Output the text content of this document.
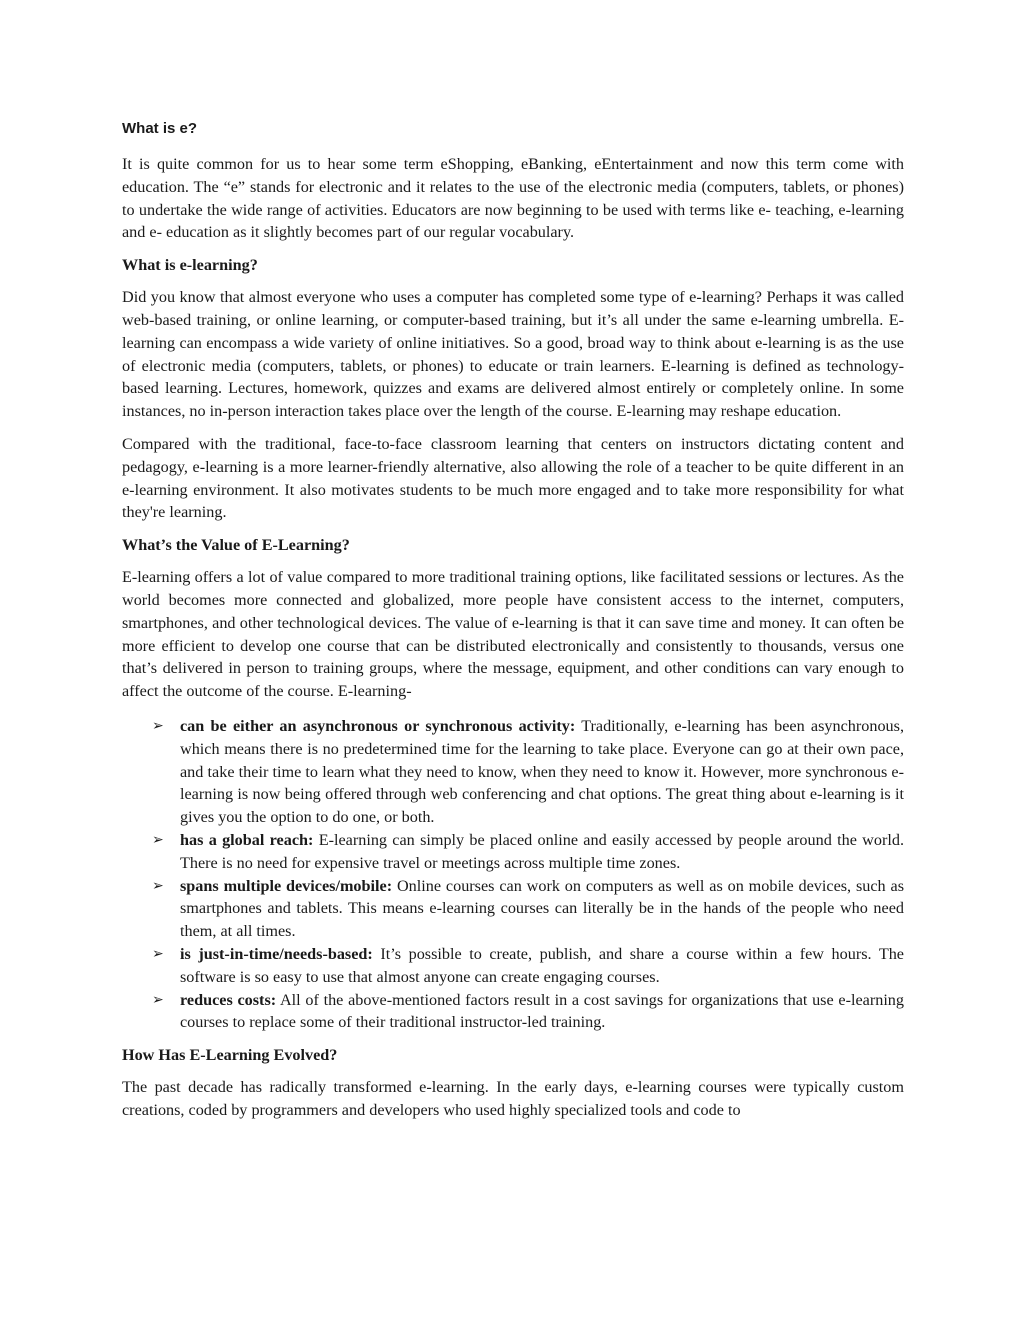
What is e?

It is quite common for us to hear some term eShopping, eBanking, eEntertainment and now this term come with education. The “e” stands for electronic and it relates to the use of the electronic media (computers, tablets, or phones) to undertake the wide range of activities. Educators are now beginning to be used with terms like e- teaching, e-learning and e- education as it slightly becomes part of our regular vocabulary.

What is e-learning?

Did you know that almost everyone who uses a computer has completed some type of e-learning? Perhaps it was called web-based training, or online learning, or computer-based training, but it’s all under the same e-learning umbrella. E-learning can encompass a wide variety of online initiatives. So a good, broad way to think about e-learning is as the use of electronic media (computers, tablets, or phones) to educate or train learners. E-learning is defined as technology-based learning. Lectures, homework, quizzes and exams are delivered almost entirely or completely online. In some instances, no in-person interaction takes place over the length of the course. E-learning may reshape education.

Compared with the traditional, face-to-face classroom learning that centers on instructors dictating content and pedagogy, e-learning is a more learner-friendly alternative, also allowing the role of a teacher to be quite different in an e-learning environment. It also motivates students to be much more engaged and to take more responsibility for what they're learning.

What’s the Value of E-Learning?

E-learning offers a lot of value compared to more traditional training options, like facilitated sessions or lectures. As the world becomes more connected and globalized, more people have consistent access to the internet, computers, smartphones, and other technological devices. The value of e-learning is that it can save time and money. It can often be more efficient to develop one course that can be distributed electronically and consistently to thousands, versus one that’s delivered in person to training groups, where the message, equipment, and other conditions can vary enough to affect the outcome of the course. E-learning-

➢ can be either an asynchronous or synchronous activity: Traditionally, e-learning has been asynchronous, which means there is no predetermined time for the learning to take place. Everyone can go at their own pace, and take their time to learn what they need to know, when they need to know it. However, more synchronous e-learning is now being offered through web conferencing and chat options. The great thing about e-learning is it gives you the option to do one, or both.
➢ has a global reach: E-learning can simply be placed online and easily accessed by people around the world. There is no need for expensive travel or meetings across multiple time zones.
➢ spans multiple devices/mobile: Online courses can work on computers as well as on mobile devices, such as smartphones and tablets. This means e-learning courses can literally be in the hands of the people who need them, at all times.
➢ is just-in-time/needs-based: It’s possible to create, publish, and share a course within a few hours. The software is so easy to use that almost anyone can create engaging courses.
➢ reduces costs: All of the above-mentioned factors result in a cost savings for organizations that use e-learning courses to replace some of their traditional instructor-led training.
How Has E-Learning Evolved?

The past decade has radically transformed e-learning. In the early days, e-learning courses were typically custom creations, coded by programmers and developers who used highly specialized tools and code to
